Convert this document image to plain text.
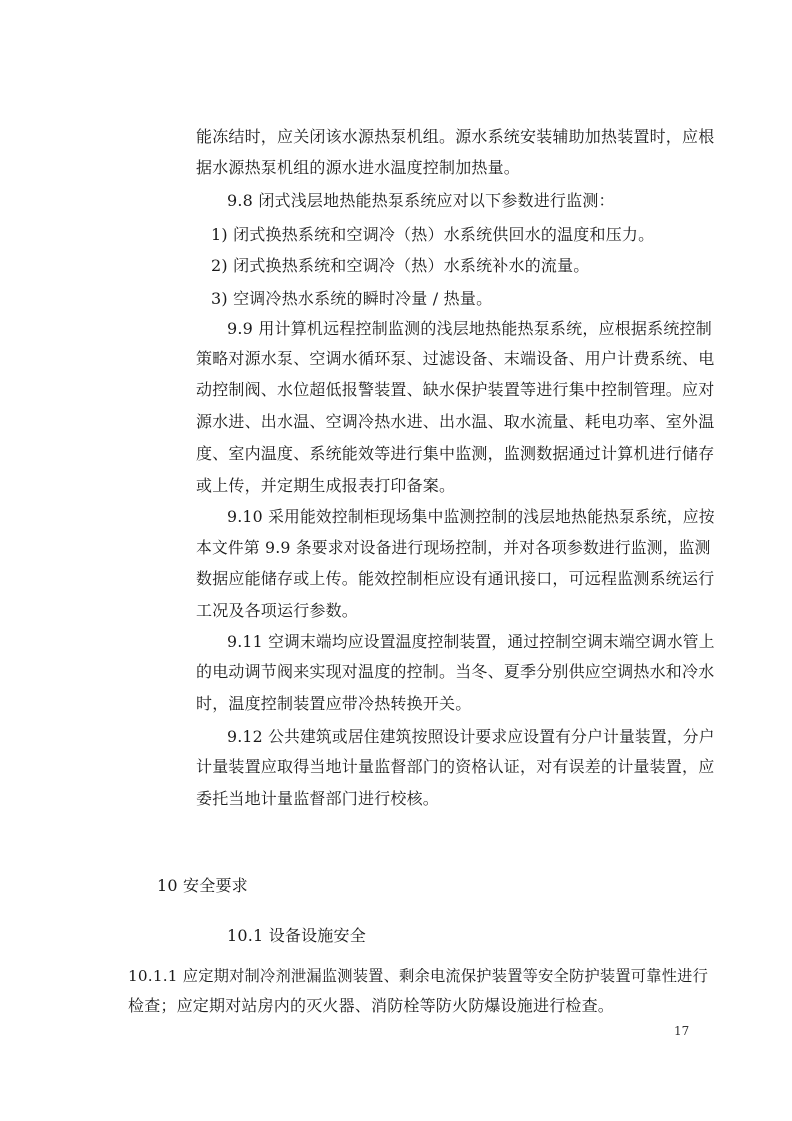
能冻结时，应关闭该水源热泵机组。源水系统安装辅助加热装置时，应根
据水源热泵机组的源水进水温度控制加热量。
9.8 闭式浅层地热能热泵系统应对以下参数进行监测：
1) 闭式换热系统和空调冷（热）水系统供回水的温度和压力。
2) 闭式换热系统和空调冷（热）水系统补水的流量。
3) 空调冷热水系统的瞬时冷量 / 热量。
9.9 用计算机远程控制监测的浅层地热能热泵系统，应根据系统控制
策略对源水泵、空调水循环泵、过滤设备、末端设备、用户计费系统、电
动控制阀、水位超低报警装置、缺水保护装置等进行集中控制管理。应对
源水进、出水温、空调冷热水进、出水温、取水流量、耗电功率、室外温
度、室内温度、系统能效等进行集中监测，监测数据通过计算机进行储存
或上传，并定期生成报表打印备案。
9.10 采用能效控制柜现场集中监测控制的浅层地热能热泵系统，应按
本文件第 9.9 条要求对设备进行现场控制，并对各项参数进行监测，监测
数据应能储存或上传。能效控制柜应设有通讯接口，可远程监测系统运行
工况及各项运行参数。
9.11 空调末端均应设置温度控制装置，通过控制空调末端空调水管上
的电动调节阀来实现对温度的控制。当冬、夏季分别供应空调热水和冷水
时，温度控制装置应带冷热转换开关。
9.12 公共建筑或居住建筑按照设计要求应设置有分户计量装置，分户
计量装置应取得当地计量监督部门的资格认证，对有误差的计量装置，应
委托当地计量监督部门进行校核。
10 安全要求
10.1 设备设施安全
10.1.1 应定期对制冷剂泄漏监测装置、剩余电流保护装置等安全防护装置可靠性进行
检查；应定期对站房内的灭火器、消防栓等防火防爆设施进行检查。
17
